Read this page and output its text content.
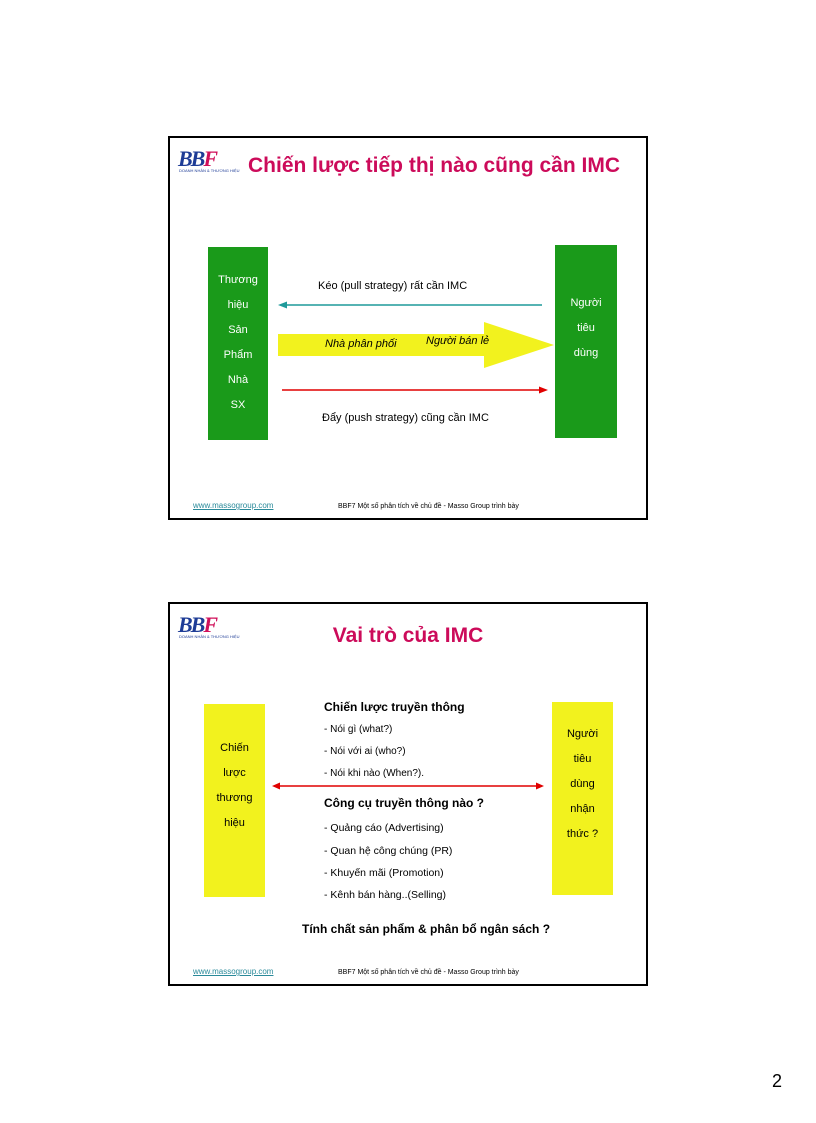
BBF
DOANH NHÂN & THƯƠNG HIỆU Chiến lược tiếp thị nào cũng cần IMC
Thương
hiệu
Sản
Phẩm
Nhà
SX
Người
tiêu
dùng
Kéo (pull strategy) rất cần IMC
Nhà phân phối	Người bán lẻ
Đẩy (push strategy) cũng cần IMC
www.massogroup.com	BBF7 Một số phân tích về chủ đề - Masso Group trình bày
BBF
DOANH NHÂN & THƯƠNG HIỆU	Vai trò của IMC
Chiến
lược
thương
hiệu
Người
tiêu
dùng
nhận
thức ?
Chiến lược truyền thông
- Nói gì (what?)
- Nói với ai (who?)
- Nói khi nào (When?).
Công cụ truyền thông nào ?
- Quảng cáo (Advertising)
- Quan hệ công chúng (PR)
- Khuyến mãi (Promotion)
- Kênh bán hàng..(Selling)
Tính chất sản phẩm & phân bổ ngân sách ?
www.massogroup.com	BBF7 Một số phân tích về chủ đề - Masso Group trình bày
2
